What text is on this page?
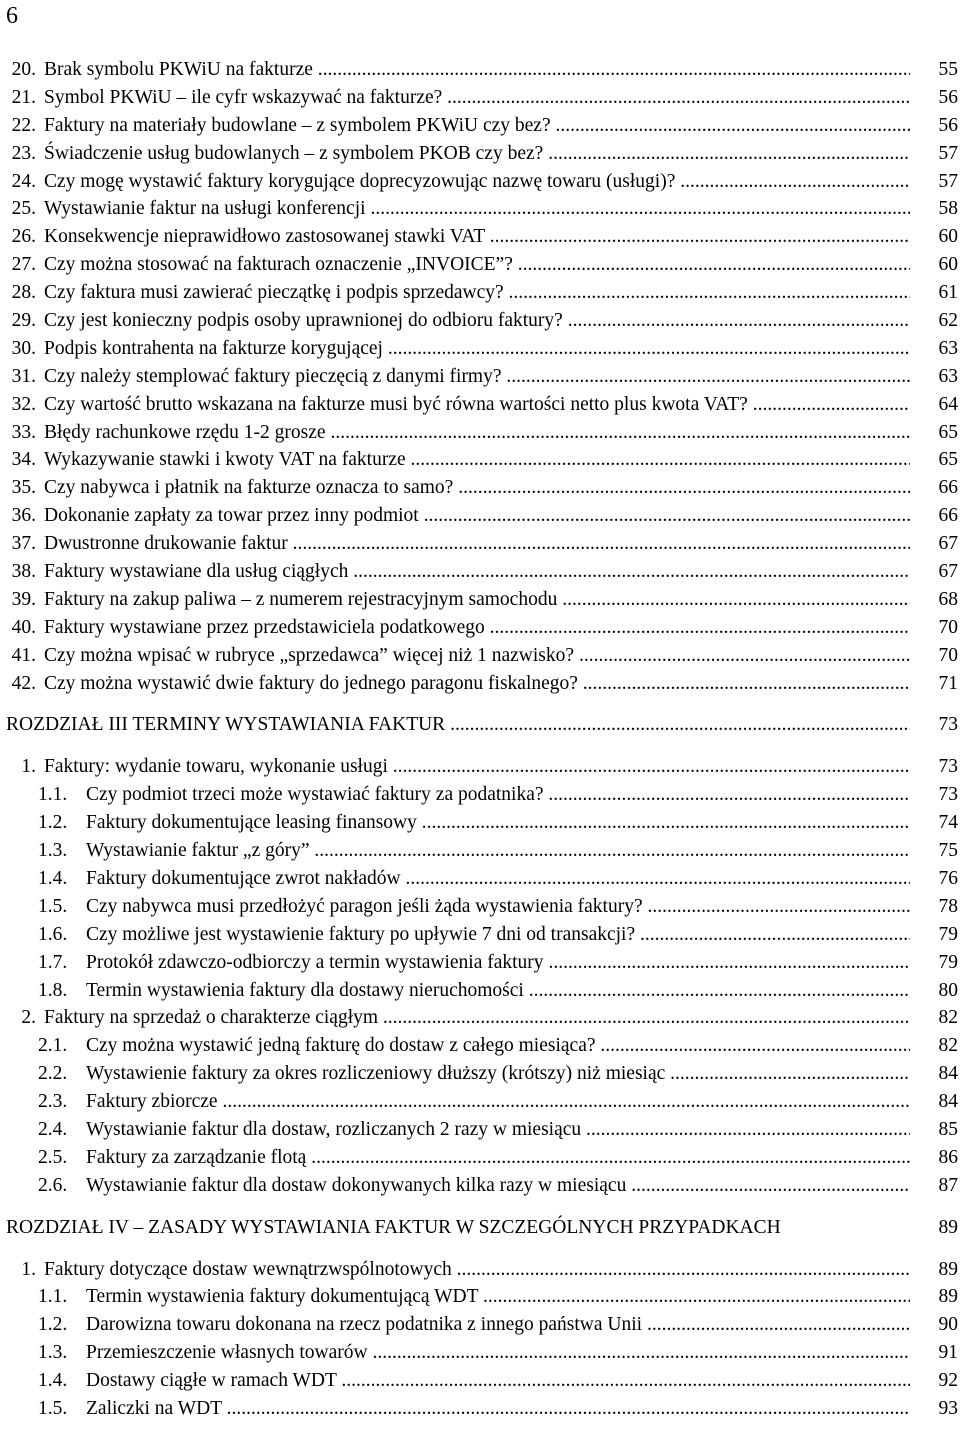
6
20. Brak symbolu PKWiU na fakturze .....	55
21. Symbol PKWiU – ile cyfr wskazywać na fakturze? .....	56
22. Faktury na materiały budowlane – z symbolem PKWiU czy bez? .....	56
23. Świadczenie usług budowlanych – z symbolem PKOB czy bez? .....	57
24. Czy mogę wystawić faktury korygujące doprecyzowując nazwę towaru (usługi)? .....	57
25. Wystawianie faktur na usługi konferencji .....	58
26. Konsekwencje nieprawidłowo zastosowanej stawki VAT .....	60
27. Czy można stosować na fakturach oznaczenie „INVOICE”? .....	60
28. Czy faktura musi zawierać pieczątkę i podpis sprzedawcy? .....	61
29. Czy jest konieczny podpis osoby uprawnionej do odbioru faktury? .....	62
30. Podpis kontrahenta na fakturze korygującej .....	63
31. Czy należy stemplować faktury pieczęcią z danymi firmy? .....	63
32. Czy wartość brutto wskazana na fakturze musi być równa wartości netto plus kwota VAT? .....	64
33. Błędy rachunkowe rzędu 1-2 grosze .....	65
34. Wykazywanie stawki i kwoty VAT na fakturze .....	65
35. Czy nabywca i płatnik na fakturze oznacza to samo? .....	66
36. Dokonanie zapłaty za towar przez inny podmiot .....	66
37. Dwustronne drukowanie faktur .....	67
38. Faktury wystawiane dla usług ciągłych .....	67
39. Faktury na zakup paliwa – z numerem rejestracyjnym samochodu .....	68
40. Faktury wystawiane przez przedstawiciela podatkowego .....	70
41. Czy można wpisać w rubryce „sprzedawca” więcej niż 1 nazwisko? .....	70
42. Czy można wystawić dwie faktury do jednego paragonu fiskalnego? .....	71
ROZDZIAŁ III TERMINY WYSTAWIANIA FAKTUR .....	73
1. Faktury: wydanie towaru, wykonanie usługi .....	73
1.1. Czy podmiot trzeci może wystawiać faktury za podatnika? .....	73
1.2. Faktury dokumentujące leasing finansowy .....	74
1.3. Wystawianie faktur „z góry” .....	75
1.4. Faktury dokumentujące zwrot nakładów .....	76
1.5. Czy nabywca musi przedłożyć paragon jeśli żąda wystawienia faktury? .....	78
1.6. Czy możliwe jest wystawienie faktury po upływie 7 dni od transakcji? .....	79
1.7. Protokół zdawczo-odbiorczy a termin wystawienia faktury .....	79
1.8. Termin wystawienia faktury dla dostawy nieruchomości .....	80
2. Faktury na sprzedaż o charakterze ciągłym .....	82
2.1. Czy można wystawić jedną fakturę do dostaw z całego miesiąca? .....	82
2.2. Wystawienie faktury za okres rozliczeniowy dłuższy (krótszy) niż miesiąc .....	84
2.3. Faktury zbiorcze .....	84
2.4. Wystawianie faktur dla dostaw, rozliczanych 2 razy w miesiącu .....	85
2.5. Faktury za zarządzanie flotą .....	86
2.6. Wystawianie faktur dla dostaw dokonywanych kilka razy w miesiącu .....	87
ROZDZIAŁ IV – ZASADY WYSTAWIANIA FAKTUR W SZCZEGÓLNYCH PRZYPADKACH	89
1. Faktury dotyczące dostaw wewnątrzwspólnotowych .....	89
1.1. Termin wystawienia faktury dokumentującą WDT .....	89
1.2. Darowizna towaru dokonana na rzecz podatnika z innego państwa Unii .....	90
1.3. Przemieszczenie własnych towarów .....	91
1.4. Dostawy ciągłe w ramach WDT .....	92
1.5. Zaliczki na WDT .....	93
